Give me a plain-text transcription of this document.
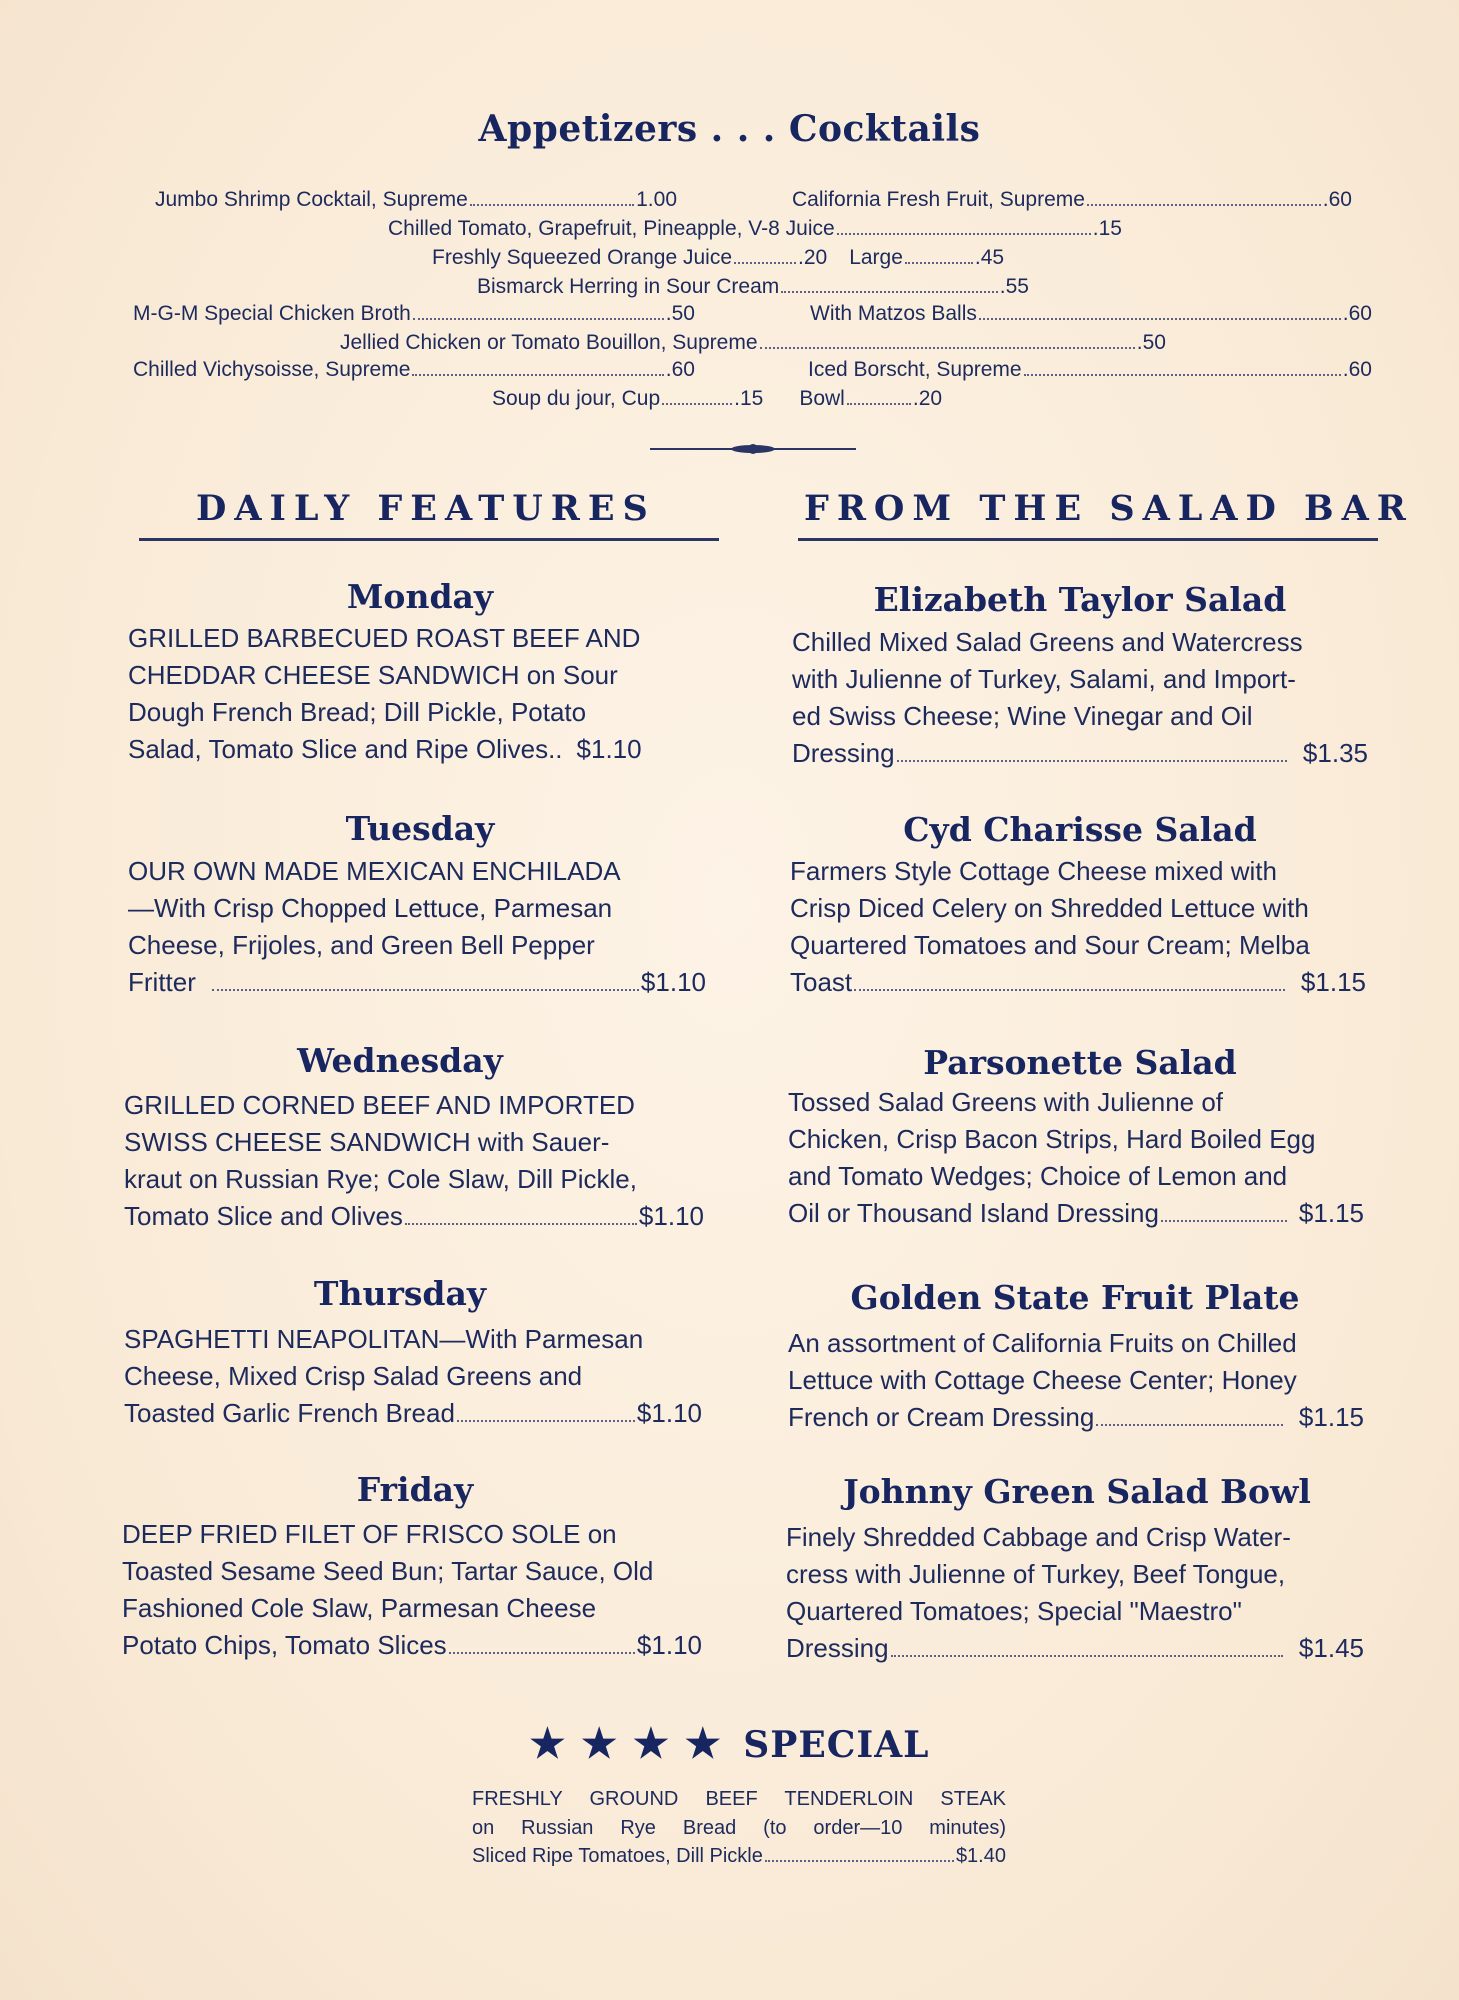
Appetizers . . . Cocktails
Jumbo Shrimp Cocktail, Supreme	1.00	California Fresh Fruit, Supreme	.60
Chilled Tomato, Grapefruit, Pineapple, V-8 Juice	.15
Freshly Squeezed Orange Juice	.20 Large	.45
Bismarck Herring in Sour Cream	.55
M-G-M Special Chicken Broth	.50	With Matzos Balls	.60
Jellied Chicken or Tomato Bouillon, Supreme	.50
Chilled Vichysoisse, Supreme	.60	Iced Borscht, Supreme	.60
Soup du jour, Cup	.15 Bowl	.20
DAILY FEATURES	FROM THE SALAD BAR
Monday
GRILLED BARBECUED ROAST BEEF AND
CHEDDAR CHEESE SANDWICH on Sour
Dough French Bread; Dill Pickle, Potato
Salad, Tomato Slice and Ripe Olives.. $1.10
Tuesday
OUR OWN MADE MEXICAN ENCHILADA
—With Crisp Chopped Lettuce, Parmesan
Cheese, Frijoles, and Green Bell Pepper
Fritter	$1.10
Wednesday
GRILLED CORNED BEEF AND IMPORTED
SWISS CHEESE SANDWICH with Sauer-
kraut on Russian Rye; Cole Slaw, Dill Pickle,
Tomato Slice and Olives	$1.10
Thursday
SPAGHETTI NEAPOLITAN—With Parmesan
Cheese, Mixed Crisp Salad Greens and
Toasted Garlic French Bread	$1.10
Friday
DEEP FRIED FILET OF FRISCO SOLE on
Toasted Sesame Seed Bun; Tartar Sauce, Old
Fashioned Cole Slaw, Parmesan Cheese
Potato Chips, Tomato Slices	$1.10
Elizabeth Taylor Salad
Chilled Mixed Salad Greens and Watercress
with Julienne of Turkey, Salami, and Import-
ed Swiss Cheese; Wine Vinegar and Oil
Dressing	$1.35
Cyd Charisse Salad
Farmers Style Cottage Cheese mixed with
Crisp Diced Celery on Shredded Lettuce with
Quartered Tomatoes and Sour Cream; Melba
Toast	$1.15
Parsonette Salad
Tossed Salad Greens with Julienne of
Chicken, Crisp Bacon Strips, Hard Boiled Egg
and Tomato Wedges; Choice of Lemon and
Oil or Thousand Island Dressing	$1.15
Golden State Fruit Plate
An assortment of California Fruits on Chilled
Lettuce with Cottage Cheese Center; Honey
French or Cream Dressing	$1.15
Johnny Green Salad Bowl
Finely Shredded Cabbage and Crisp Water-
cress with Julienne of Turkey, Beef Tongue,
Quartered Tomatoes; Special "Maestro"
Dressing	$1.45
★ ★ ★ ★ SPECIAL
FRESHLY GROUND BEEF TENDERLOIN STEAK
on Russian Rye Bread (to order—10 minutes)
Sliced Ripe Tomatoes, Dill Pickle	$1.40
